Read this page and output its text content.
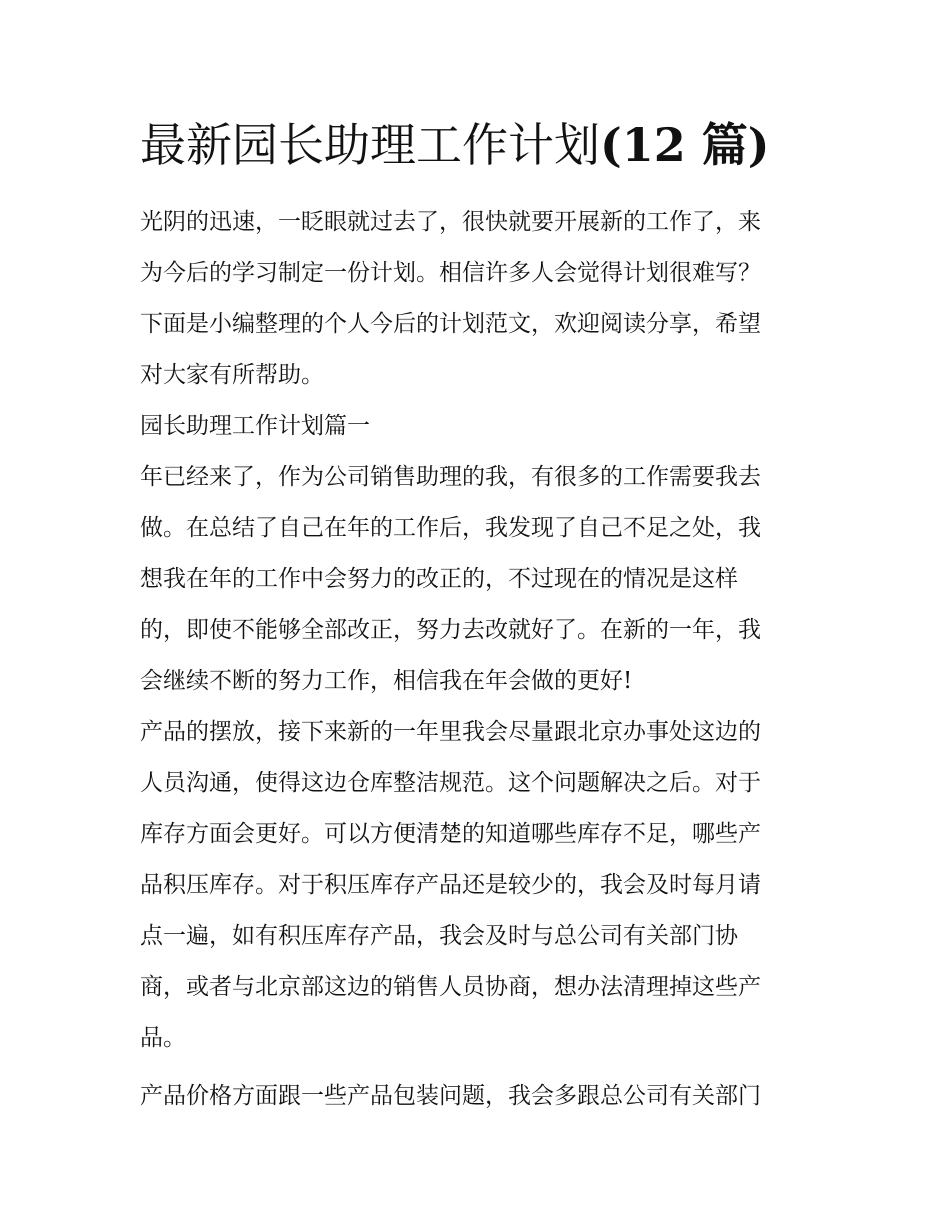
最新园长助理工作计划(12 篇)
光阴的迅速，一眨眼就过去了，很快就要开展新的工作了，来
为今后的学习制定一份计划。相信许多人会觉得计划很难写？
下面是小编整理的个人今后的计划范文，欢迎阅读分享，希望
对大家有所帮助。
园长助理工作计划篇一
年已经来了，作为公司销售助理的我，有很多的工作需要我去
做。在总结了自己在年的工作后，我发现了自己不足之处，我
想我在年的工作中会努力的改正的，不过现在的情况是这样
的，即使不能够全部改正，努力去改就好了。在新的一年，我
会继续不断的努力工作，相信我在年会做的更好!
产品的摆放，接下来新的一年里我会尽量跟北京办事处这边的
人员沟通，使得这边仓库整洁规范。这个问题解决之后。对于
库存方面会更好。可以方便清楚的知道哪些库存不足，哪些产
品积压库存。对于积压库存产品还是较少的，我会及时每月请
点一遍，如有积压库存产品，我会及时与总公司有关部门协
商，或者与北京部这边的销售人员协商，想办法清理掉这些产
品。
产品价格方面跟一些产品包装问题，我会多跟总公司有关部门
